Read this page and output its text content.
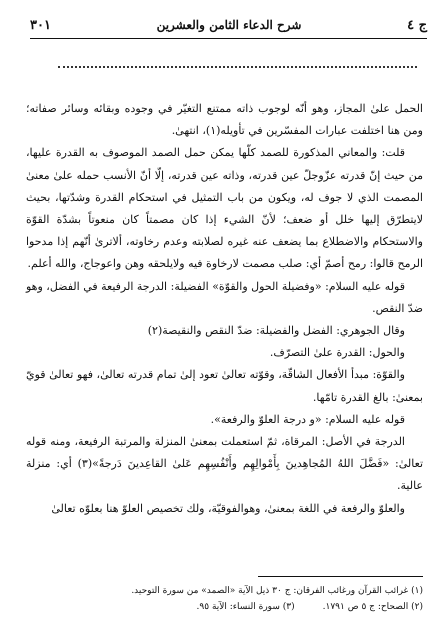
ج ٤
شرح الدعاء الثامن والعشرين
٣٠١

الحمل علىٰ المجاز، وهو أنّه لوجوب ذاته ممتنع التغيّر في وجوده وبقائه وسائر صفاته؛ ومن هنا اختلفت عبارات المفسّرين في تأويله(١)، انتهىٰ.

قلت: والمعاني المذكورة للصمد كلّها يمكن حمل الصمد الموصوف به القدرة عليها، من حيث إنّ قدرته عزّوجلّ عين قدرته، وذاته عين قدرته، إلّا أنّ الأنسب حمله علىٰ معنىٰ المصمت الذي لا جوف له، ويكون من باب التمثيل في استحكام القدرة وشدّتها، بحيث لايتطرّق إليها خلل أو ضعف؛ لأنّ الشيء إذا كان مصمتاً كان منعوتاً بشدّة القوّة والاستحكام والاضطلاع بما يضعف عنه غيره لصلابته وعدم رخاوته، ألاترىٰ أنّهم إذا مدحوا الرمح قالوا: رمح أصمّ أي: صلب مصمت لارخاوة فيه ولايلحقه وهن واعوجاج، والله أعلم.

قوله عليه السلام: «وفضيلة الحول والقوّة» الفضيلة: الدرجة الرفيعة في الفضل، وهو ضدّ النقص.

وقال الجوهري: الفضل والفضيلة: ضدّ النقص والنقيصة(٢)

والحول: القدرة علىٰ التصرّف.

والقوّة: مبدأ الأفعال الشاقّة، وقوّته تعالىٰ تعود إلىٰ تمام قدرته تعالىٰ، فهو تعالىٰ قويّ بمعنىٰ: بالغ القدرة تامّها.

قوله عليه السلام: «و درجة العلوّ والرفعة».

الدرجة في الأصل: المرقاة، ثمّ استعملت بمعنىٰ المنزلة والمرتبة الرفيعة، ومنه قوله تعالىٰ: «فَضَّلَ اللهُ المُجاهِدينَ بِأَمْوالِهِم وأَنْفُسِهِم عَلىٰ القاعِدينَ دَرجةً»(٣) أي: منزلة عالية.

والعلوّ والرفعة في اللغة بمعنىٰ، وهوالفوقيّة، ولك تخصيص العلوّ هنا بعلوّه تعالىٰ

(١) غرائب القرآن ورغائب الفرقان: ج ٣٠ ذيل الآية «الصمد» من سورة التوحيد.
(٢) الصحاح: ج ٥ ص ١٧٩١.
(٣) سورة النساء: الآية ٩٥.
